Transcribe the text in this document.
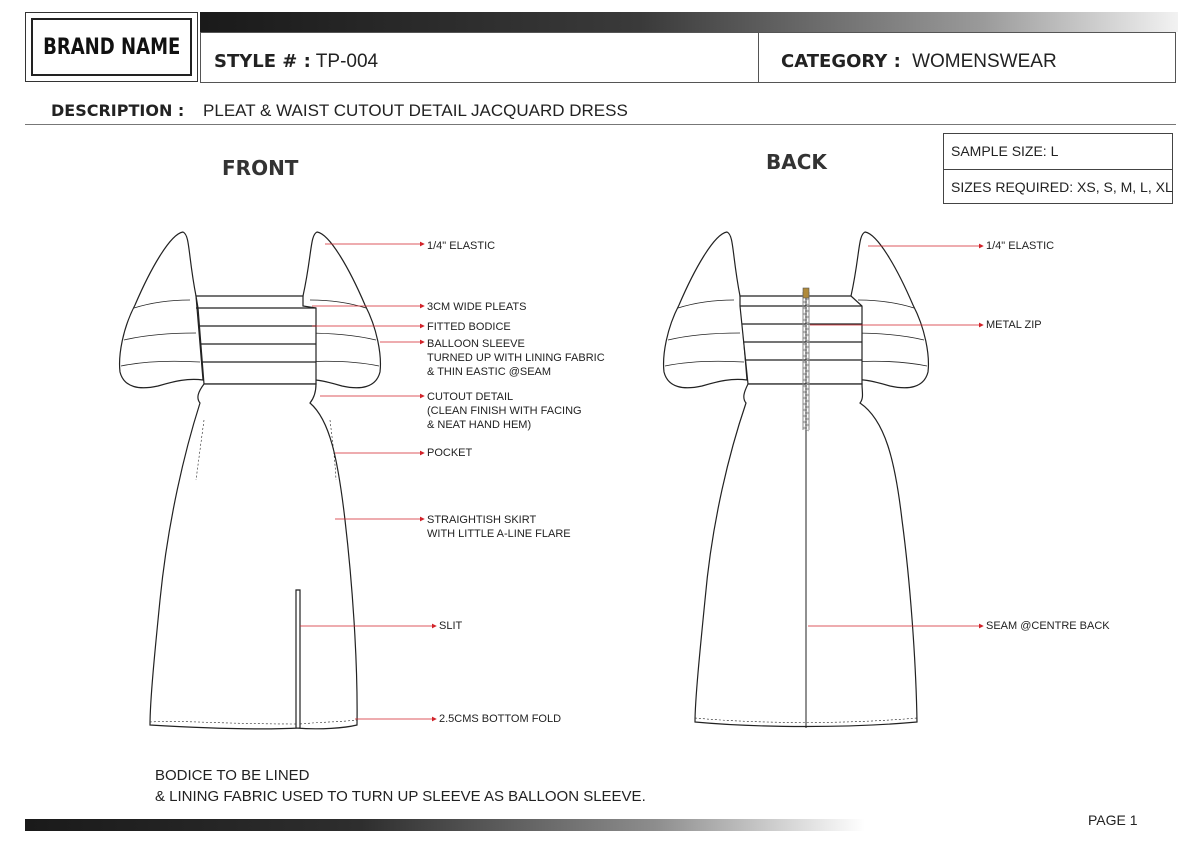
BRAND NAME
STYLE # : TP-004	CATEGORY : WOMENSWEAR
DESCRIPTION : PLEAT & WAIST CUTOUT DETAIL JACQUARD DRESS
FRONT	BACK	SAMPLE SIZE: L
SIZES REQUIRED: XS, S, M, L, XL
1/4" ELASTIC
3CM WIDE PLEATS
FITTED BODICE
BALLOON SLEEVE
TURNED UP WITH LINING FABRIC
& THIN EASTIC @SEAM
CUTOUT DETAIL
(CLEAN FINISH WITH FACING
& NEAT HAND HEM)
POCKET
STRAIGHTISH SKIRT
WITH LITTLE A-LINE FLARE
SLIT
2.5CMS BOTTOM FOLD
1/4" ELASTIC
METAL ZIP
SEAM @CENTRE BACK
BODICE TO BE LINED
& LINING FABRIC USED TO TURN UP SLEEVE AS BALLOON SLEEVE.
PAGE 1
